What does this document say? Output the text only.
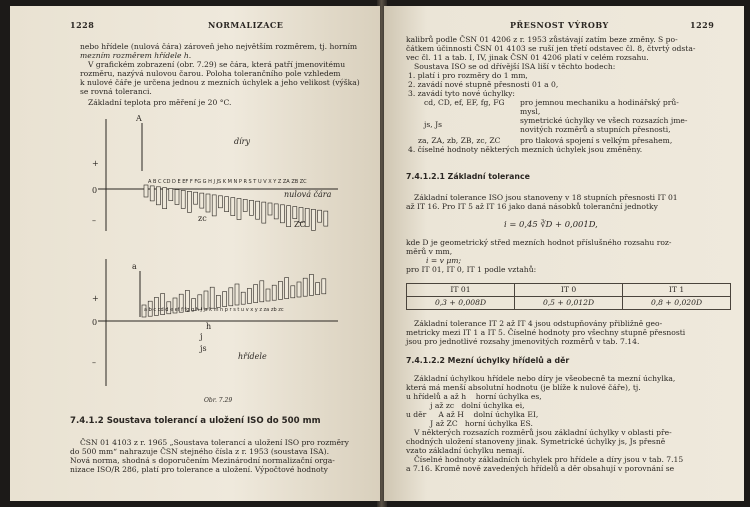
1228	NORMALIZACE
nebo hřídele (nulová čára) zároveň jeho největším rozměrem, tj. horním
mezním rozměrem hřídele h.
V grafickém zobrazení (obr. 7.29) se čára, která patří jmenovitému
rozměru, nazývá nulovou čarou. Poloha tolerančního pole vzhledem
k nulové čáře je určena jednou z mezních úchylek a jeho velikost (výška)
se rovná toleranci.
Základní teplota pro měření je 20 °C.
+
0
–
+
0
–
A
díry
nulová čára
zc
ZC
a
h
j
js
hřídele
Obr. 7.29
A B C CD D E EF F FG G H J JS K M N P R S T U V X Y Z ZA ZB ZC
a b c cd d e ef f fg g h j js k m n p r s t u v x y z za zb zc
7.4.1.2 Soustava tolerancí a uložení ISO do 500 mm
ČSN 01 4103 z r. 1965 „Soustava tolerancí a uložení ISO pro rozměry
do 500 mm“ nahrazuje ČSN stejného čísla z r. 1953 (soustava ISA).
Nová norma, shodná s doporučením Mezinárodní normalizační orga-
nizace ISO/R 286, platí pro tolerance a uložení. Výpočtové hodnoty
PŘESNOST VÝROBY	1229
kalibrů podle ČSN 01 4206 z r. 1953 zůstávají zatím beze změny. S po-
čátkem účinnosti ČSN 01 4103 se ruší jen třetí odstavec čl. 8, čtvrtý odsta-
vec čl. 11 a tab. I, IV, jinak ČSN 01 4206 platí v celém rozsahu.
Soustava ISO se od dřívější ISA liší v těchto bodech:
1. platí i pro rozměry do 1 mm,
2. zavádí nové stupně přesnosti 01 a 0,
3. zavádí tyto nové úchylky:
cd, CD, ef, EF, fg, FG pro jemnou mechaniku a hodinářský prů-
mysl,
js, Js	symetrické úchylky ve všech rozsazích jme-
novitých rozměrů a stupních přesnosti,
za, ZA, zb, ZB, zc, ZC	pro tlaková spojení s velkým přesahem,
4. číselné hodnoty některých mezních úchylek jsou změněny.
7.4.1.2.1 Základní tolerance
Základní tolerance ISO jsou stanoveny v 18 stupních přesnosti IT 01
až IT 16. Pro IT 5 až IT 16 jako daná násobků toleranční jednotky
i = 0,45 ∛D + 0,001D,
kde D je geometrický střed mezních hodnot příslušného rozsahu roz-
měrů v mm,
i = v μm;
pro IT 01, IT 0, IT 1 podle vztahů:
IT 01	IT 0	IT 1
0,3 + 0,008D	0,5 + 0,012D	0,8 + 0,020D
Základní tolerance IT 2 až IT 4 jsou odstupňovány přibližně geo-
metricky mezi IT 1 a IT 5. Číselné hodnoty pro všechny stupně přesnosti
jsou pro jednotlivé rozsahy jmenovitých rozměrů v tab. 7.14.
7.4.1.2.2 Mezní úchylky hřídelů a děr
Základní úchylkou hřídele nebo díry je všeobecně ta mezní úchylka,
která má menší absolutní hodnotu (je blíže k nulové čáře), tj.
u hřídelů a až h    horní úchylka es,
j až zc   dolní úchylka ei,
u děr     A až H    dolní úchylka EI,
J až ZC   horní úchylka ES.
V některých rozsazích rozměrů jsou základní úchylky v oblasti pře-
chodných uložení stanoveny jinak. Symetrické úchylky js, Js přesně
vzato základní úchylku nemají.
Číselné hodnoty základních úchylek pro hřídele a díry jsou v tab. 7.15
a 7.16. Kromě nově zavedených hřídelů a děr obsahují v porovnání se
